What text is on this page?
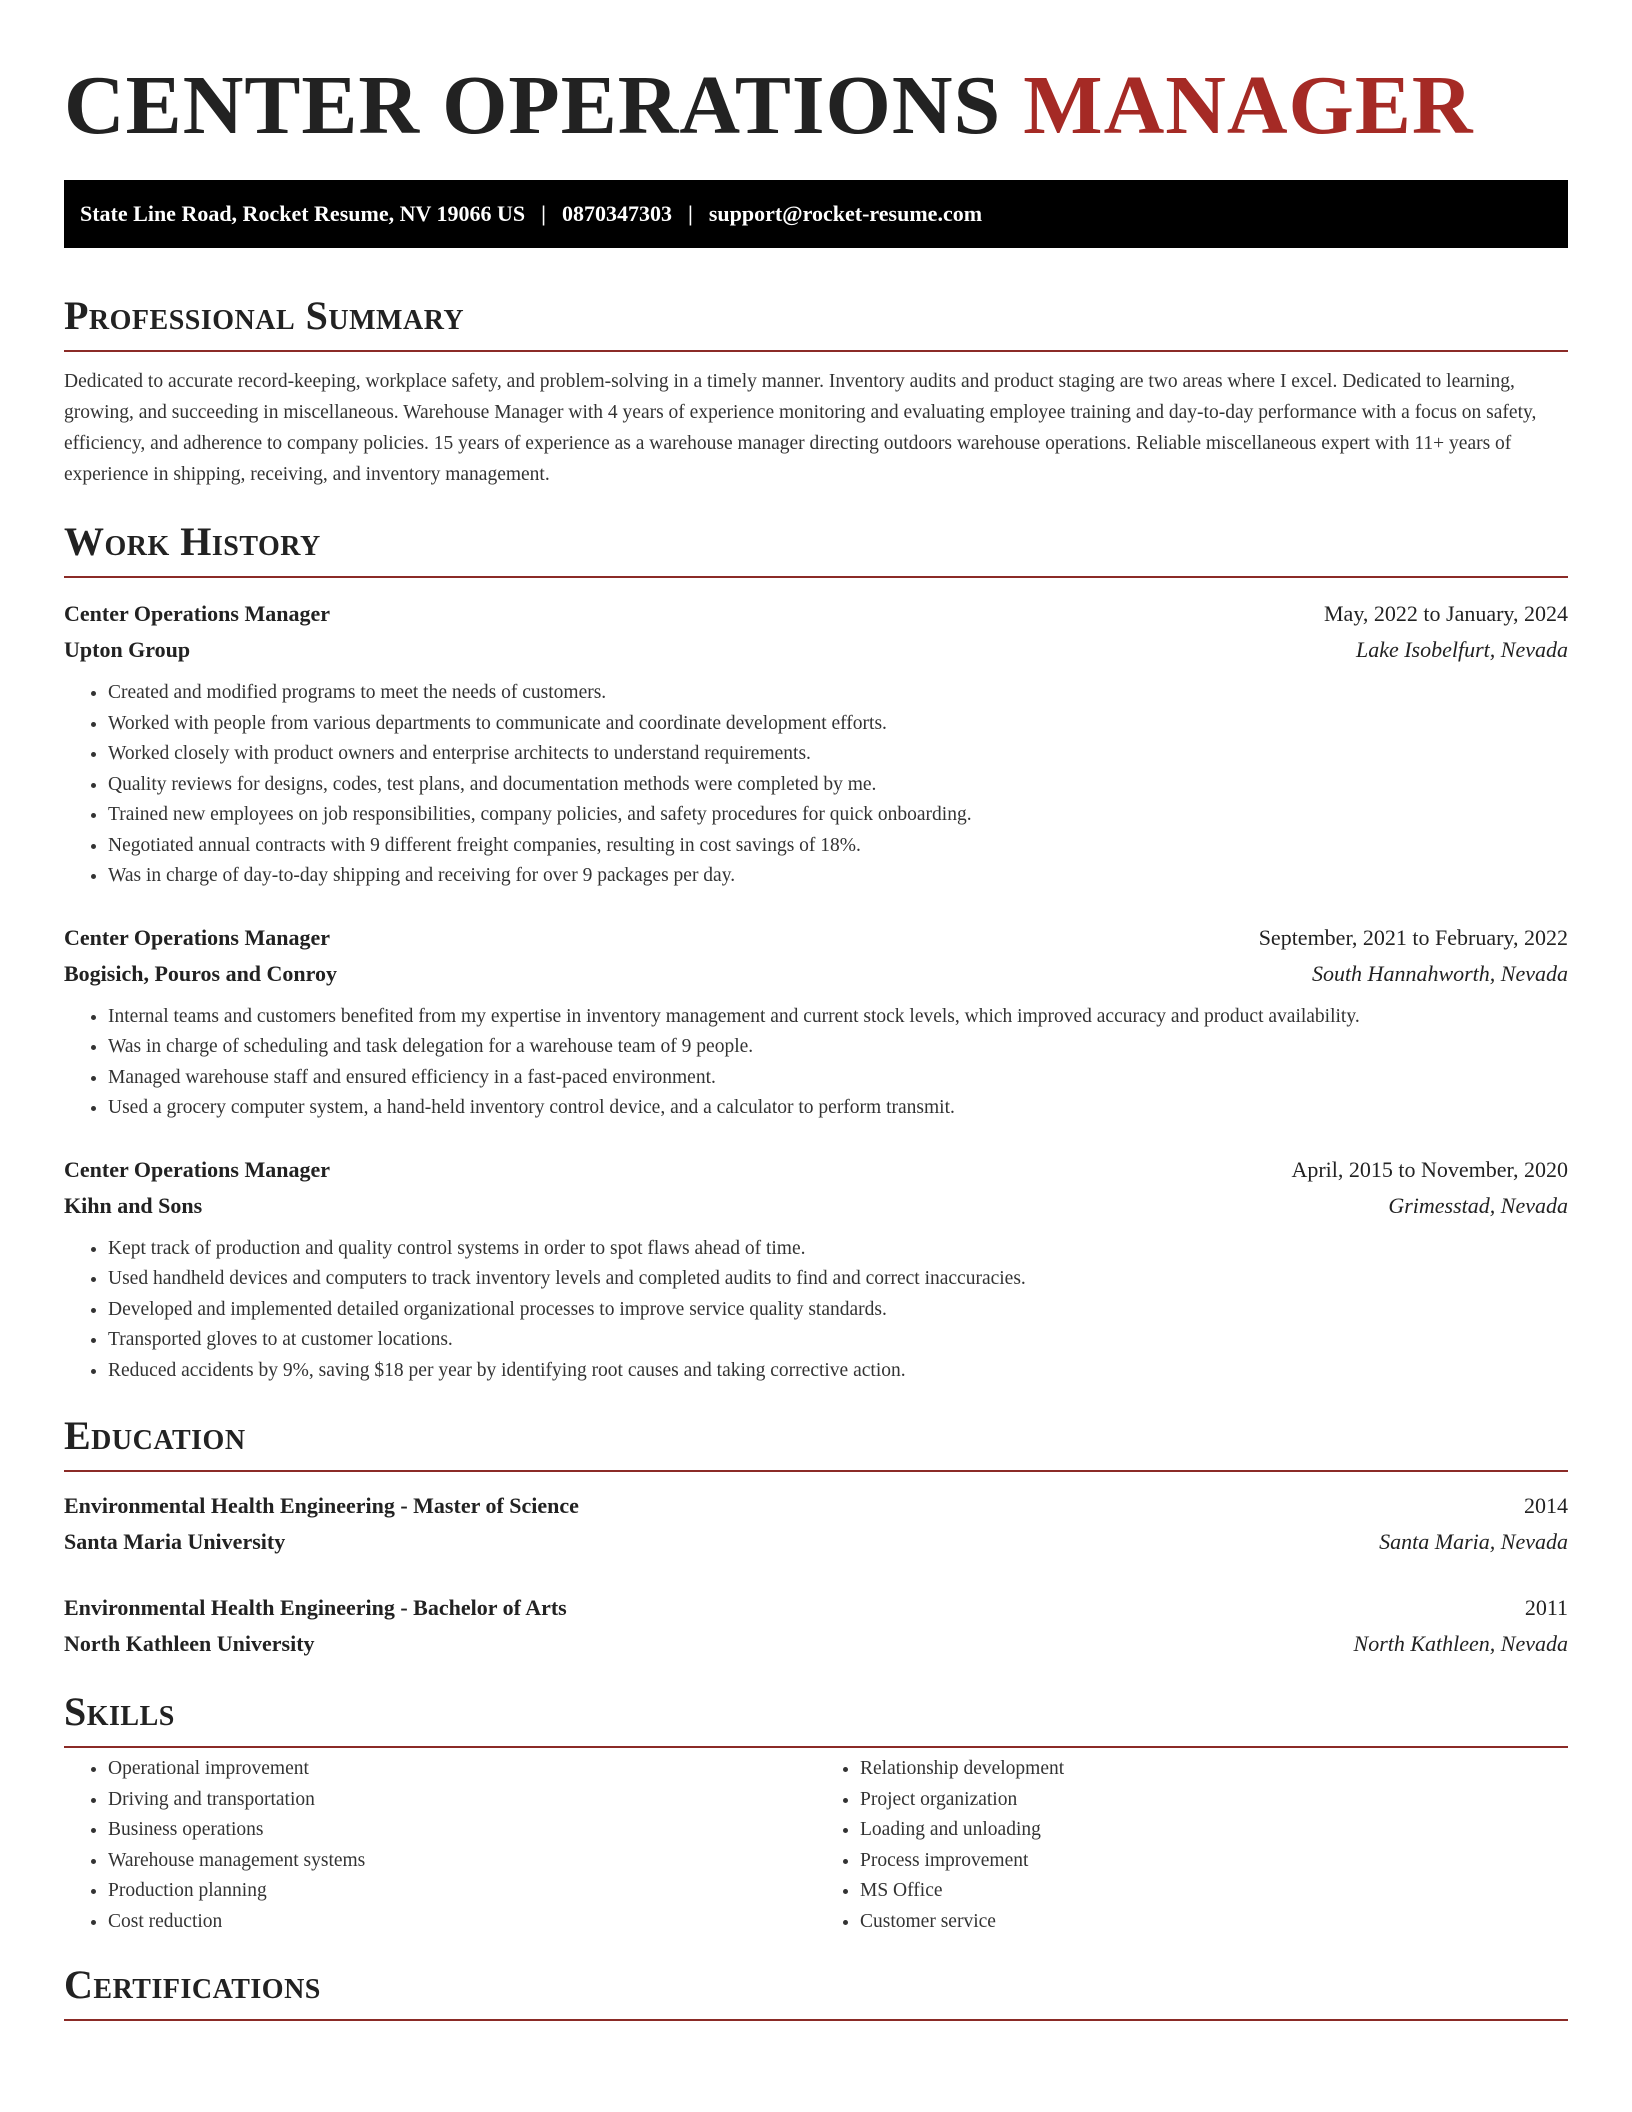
CENTER OPERATIONS MANAGER
State Line Road, Rocket Resume, NV 19066 US | 0870347303 | support@rocket-resume.com
Professional Summary

Dedicated to accurate record-keeping, workplace safety, and problem-solving in a timely manner. Inventory audits and product staging are two areas where I excel. Dedicated to learning, growing, and succeeding in miscellaneous. Warehouse Manager with 4 years of experience monitoring and evaluating employee training and day-to-day performance with a focus on safety, efficiency, and adherence to company policies. 15 years of experience as a warehouse manager directing outdoors warehouse operations. Reliable miscellaneous expert with 11+ years of experience in shipping, receiving, and inventory management.

Work History
Center Operations Manager	May, 2022 to January, 2024
Upton Group	Lake Isobelfurt, Nevada
• Created and modified programs to meet the needs of customers.
• Worked with people from various departments to communicate and coordinate development efforts.
• Worked closely with product owners and enterprise architects to understand requirements.
• Quality reviews for designs, codes, test plans, and documentation methods were completed by me.
• Trained new employees on job responsibilities, company policies, and safety procedures for quick onboarding.
• Negotiated annual contracts with 9 different freight companies, resulting in cost savings of 18%.
• Was in charge of day-to-day shipping and receiving for over 9 packages per day.
Center Operations Manager	September, 2021 to February, 2022
Bogisich, Pouros and Conroy	South Hannahworth, Nevada
• Internal teams and customers benefited from my expertise in inventory management and current stock levels, which improved accuracy and product availability.
• Was in charge of scheduling and task delegation for a warehouse team of 9 people.
• Managed warehouse staff and ensured efficiency in a fast-paced environment.
• Used a grocery computer system, a hand-held inventory control device, and a calculator to perform transmit.
Center Operations Manager	April, 2015 to November, 2020
Kihn and Sons	Grimesstad, Nevada
• Kept track of production and quality control systems in order to spot flaws ahead of time.
• Used handheld devices and computers to track inventory levels and completed audits to find and correct inaccuracies.
• Developed and implemented detailed organizational processes to improve service quality standards.
• Transported gloves to at customer locations.
• Reduced accidents by 9%, saving $18 per year by identifying root causes and taking corrective action.
Education
Environmental Health Engineering - Master of Science	2014
Santa Maria University	Santa Maria, Nevada
Environmental Health Engineering - Bachelor of Arts	2011
North Kathleen University	North Kathleen, Nevada
Skills
• Operational improvement
• Driving and transportation
• Business operations
• Warehouse management systems
• Production planning
• Cost reduction
• Relationship development
• Project organization
• Loading and unloading
• Process improvement
• MS Office
• Customer service
Certifications
